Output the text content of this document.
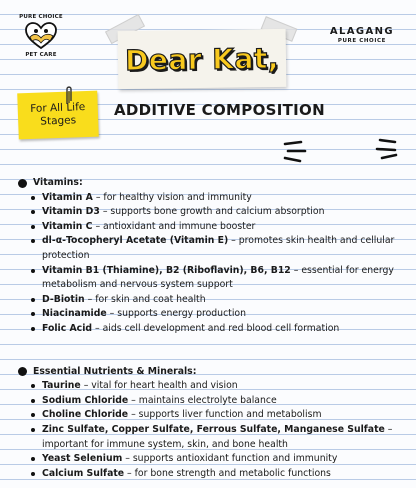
PURE CHOICE
PET CARE
ALAGANG
PURE CHOICE
Dear Kat,
For All Life Stages
ADDITIVE COMPOSITION
Vitamins:
Vitamin A – for healthy vision and immunity
Vitamin D3 – supports bone growth and calcium absorption
Vitamin C – antioxidant and immune booster
dl-α-Tocopheryl Acetate (Vitamin E) – promotes skin health and cellular protection
Vitamin B1 (Thiamine), B2 (Riboflavin), B6, B12 – essential for energy metabolism and nervous system support
D-Biotin – for skin and coat health
Niacinamide – supports energy production
Folic Acid – aids cell development and red blood cell formation
Essential Nutrients & Minerals:
Taurine – vital for heart health and vision
Sodium Chloride – maintains electrolyte balance
Choline Chloride – supports liver function and metabolism
Zinc Sulfate, Copper Sulfate, Ferrous Sulfate, Manganese Sulfate – important for immune system, skin, and bone health
Yeast Selenium – supports antioxidant function and immunity
Calcium Sulfate – for bone strength and metabolic functions
